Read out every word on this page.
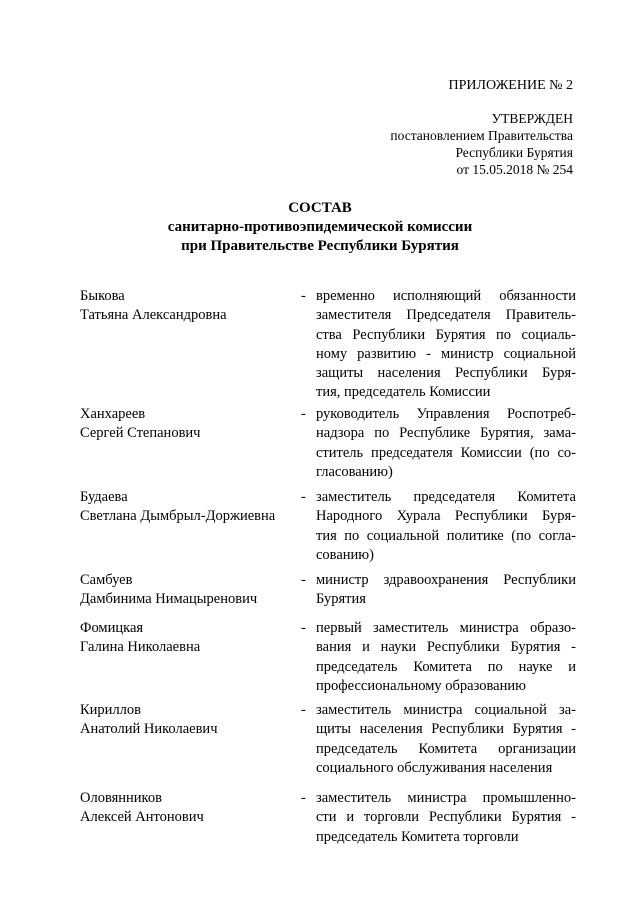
ПРИЛОЖЕНИЕ № 2
УТВЕРЖДЕН
постановлением Правительства
Республики Бурятия
от 15.05.2018 № 254
СОСТАВ
санитарно-противоэпидемической комиссии
при Правительстве Республики Бурятия
Быкова
Татьяна Александровна
- временно исполняющий обязанности
заместителя Председателя Правитель-
ства Республики Бурятия по социаль-
ному развитию - министр социальной
защиты населения Республики Буря-
тия, председатель Комиссии
Ханхареев
Сергей Степанович
- руководитель Управления Роспотреб-
надзора по Республике Бурятия, зама-
ститель председателя Комиссии (по со-
гласованию)
Будаева
Светлана Дымбрыл-Доржиевна
- заместитель председателя Комитета
Народного Хурала Республики Буря-
тия по социальной политике (по согла-
сованию)
Самбуев
Дамбинима Нимацыренович
- министр здравоохранения Республики
Бурятия
Фомицкая
Галина Николаевна
- первый заместитель министра образо-
вания и науки Республики Бурятия -
председатель Комитета по науке и
профессиональному образованию
Кириллов
Анатолий Николаевич
- заместитель министра социальной за-
щиты населения Республики Бурятия -
председатель Комитета организации
социального обслуживания населения
Оловянников
Алексей Антонович
- заместитель министра промышленно-
сти и торговли Республики Бурятия -
председатель Комитета торговли
